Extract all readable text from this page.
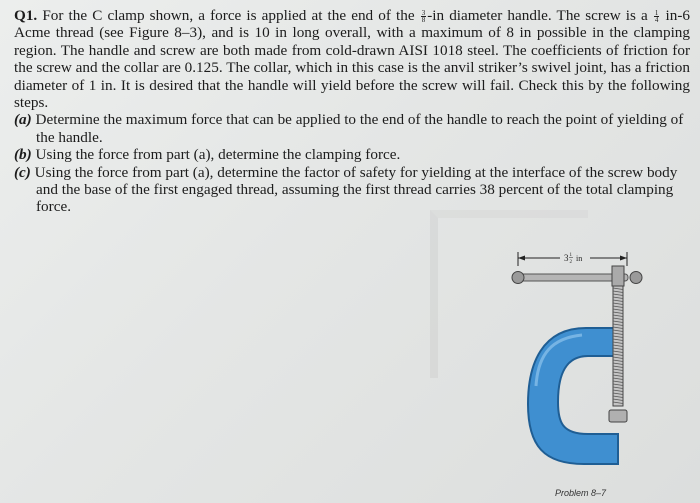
Q1. For the C clamp shown, a force is applied at the end of the $\frac{3}{8} -in$ diameter handle. The screw is a $\frac{1}{4} in-6$ Acme thread (see Figure 8–3), and is 10 in long overall, with a maximum of 8 in possible in the clamping region. The handle and screw are both made from cold-drawn AISI 1018 steel. The coefficients of friction for the screw and the collar are 0.125. The collar, which in this case is the anvil striker’s swivel joint, has a friction diameter of 1 in. It is desired that the handle will yield before the screw will fail. Check this by the following steps.

(a) Determine the maximum force that can be applied to the end of the handle to reach the point of yielding of the handle.

(b) Using the force from part (a), determine the clamping force.

(c) Using the force from part (a), determine the factor of safety for yielding at the interface of the screw body and the base of the first engaged thread, assuming the first thread carries 38 percent of the total clamping force.

3 1
2 in
Problem 8–7
